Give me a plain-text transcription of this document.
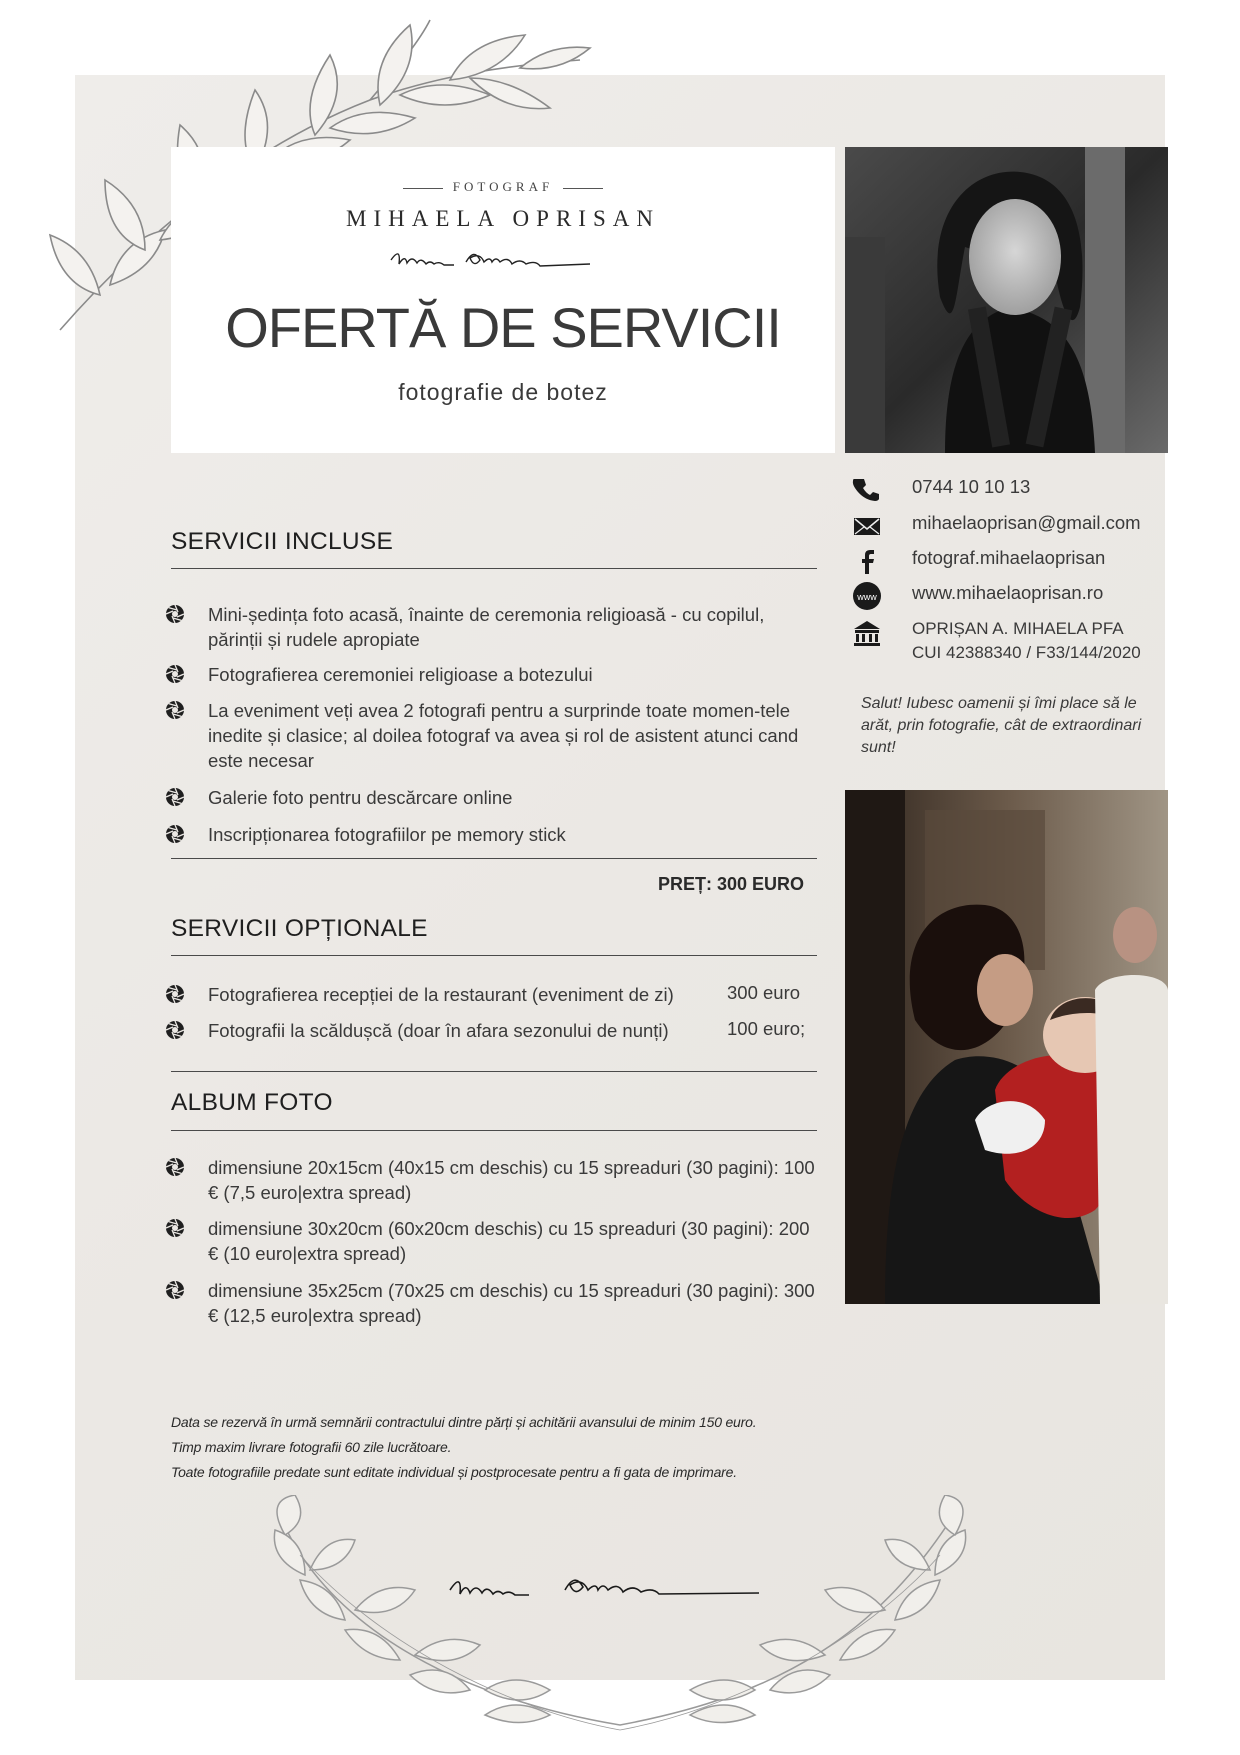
FOTOGRAF
MIHAELA OPRISAN
OFERTĂ DE SERVICII
fotografie de botez
0744 10 10 13
mihaelaoprisan@gmail.com
fotograf.mihaelaoprisan
www www.mihaelaoprisan.ro
OPRIȘAN A. MIHAELA PFA
CUI 42388340 / F33/144/2020
Salut! Iubesc oamenii și îmi place să le arăt, prin fotografie, cât de extraordinari sunt!
SERVICII INCLUSE
Mini-ședința foto acasă, înainte de ceremonia religioasă - cu copilul, părinții și rudele apropiate
Fotografierea ceremoniei religioase a botezului
La eveniment veți avea 2 fotografi pentru a surprinde toate momen-tele inedite și clasice; al doilea fotograf va avea și rol de asistent atunci cand este necesar
Galerie foto pentru descărcare online
Inscripționarea fotografiilor pe memory stick
PREȚ: 300 EURO
SERVICII OPȚIONALE
Fotografierea recepției de la restaurant (eveniment de zi)	300 euro
Fotografii la scăldușcă (doar în afara sezonului de nunți)	100 euro;
ALBUM FOTO
dimensiune 20x15cm (40x15 cm deschis) cu 15 spreaduri (30 pagini): 100 € (7,5 euro|extra spread)
dimensiune 30x20cm (60x20cm deschis) cu 15 spreaduri (30 pagini): 200 € (10 euro|extra spread)
dimensiune 35x25cm (70x25 cm deschis) cu 15 spreaduri (30 pagini): 300 € (12,5 euro|extra spread)
Data se rezervă în urmă semnării contractului dintre părți și achitării avansului de minim 150 euro.
Timp maxim livrare fotografii 60 zile lucrătoare.
Toate fotografiile predate sunt editate individual și postprocesate pentru a fi gata de imprimare.
